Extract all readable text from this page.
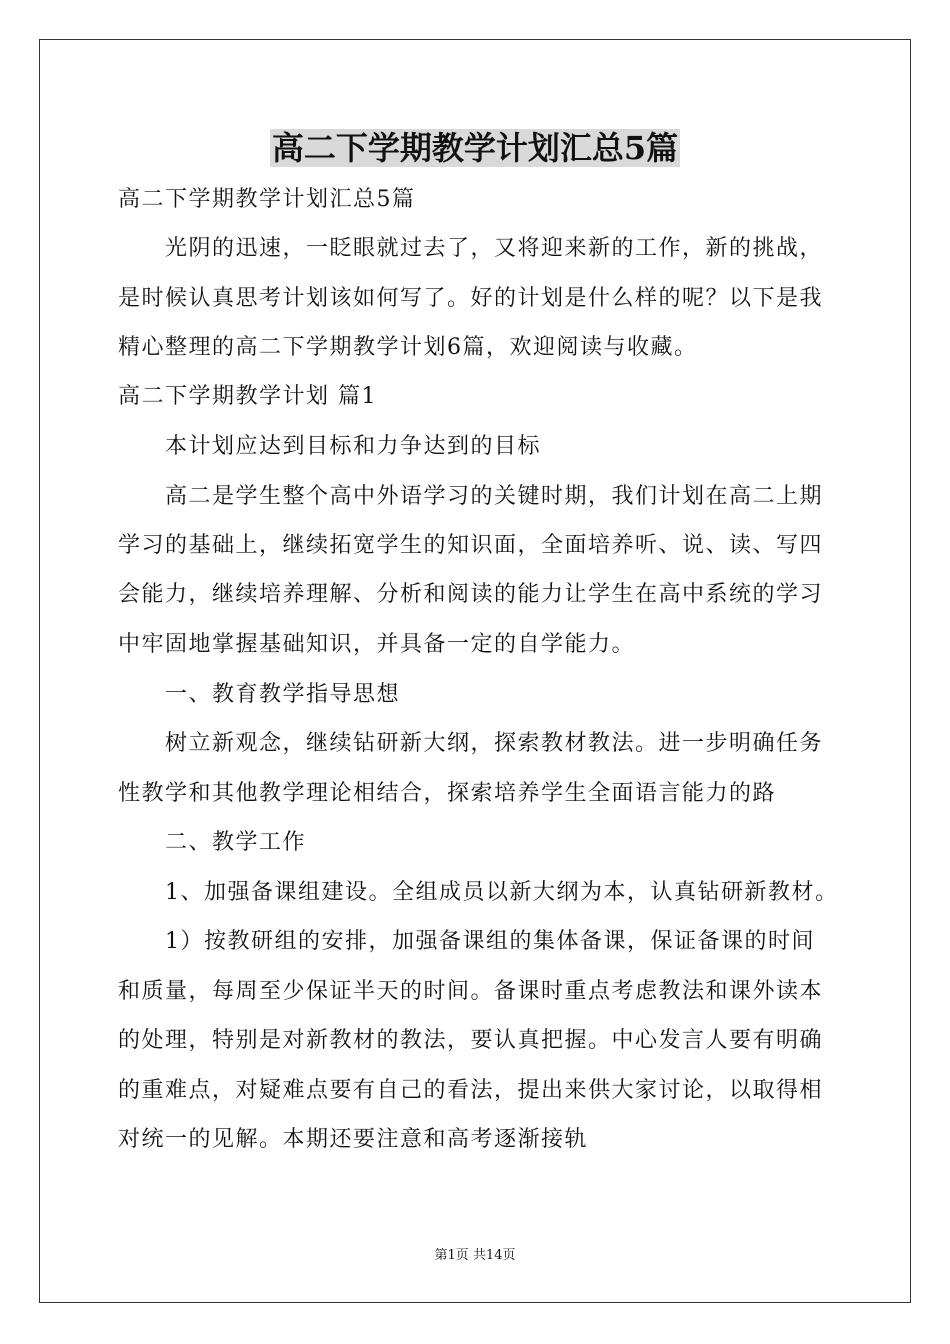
高二下学期教学计划汇总5篇
高二下学期教学计划汇总5篇
光阴的迅速，一眨眼就过去了，又将迎来新的工作，新的挑战，
是时候认真思考计划该如何写了。好的计划是什么样的呢？以下是我
精心整理的高二下学期教学计划6篇，欢迎阅读与收藏。
高二下学期教学计划 篇1
本计划应达到目标和力争达到的目标
高二是学生整个高中外语学习的关键时期，我们计划在高二上期
学习的基础上，继续拓宽学生的知识面，全面培养听、说、读、写四
会能力，继续培养理解、分析和阅读的能力让学生在高中系统的学习
中牢固地掌握基础知识，并具备一定的自学能力。
一、教育教学指导思想
树立新观念，继续钻研新大纲，探索教材教法。进一步明确任务
性教学和其他教学理论相结合，探索培养学生全面语言能力的路
二、教学工作
1、加强备课组建设。全组成员以新大纲为本，认真钻研新教材。
1）按教研组的安排，加强备课组的集体备课，保证备课的时间
和质量，每周至少保证半天的时间。备课时重点考虑教法和课外读本
的处理，特别是对新教材的教法，要认真把握。中心发言人要有明确
的重难点，对疑难点要有自己的看法，提出来供大家讨论，以取得相
对统一的见解。本期还要注意和高考逐渐接轨
第1页 共14页
